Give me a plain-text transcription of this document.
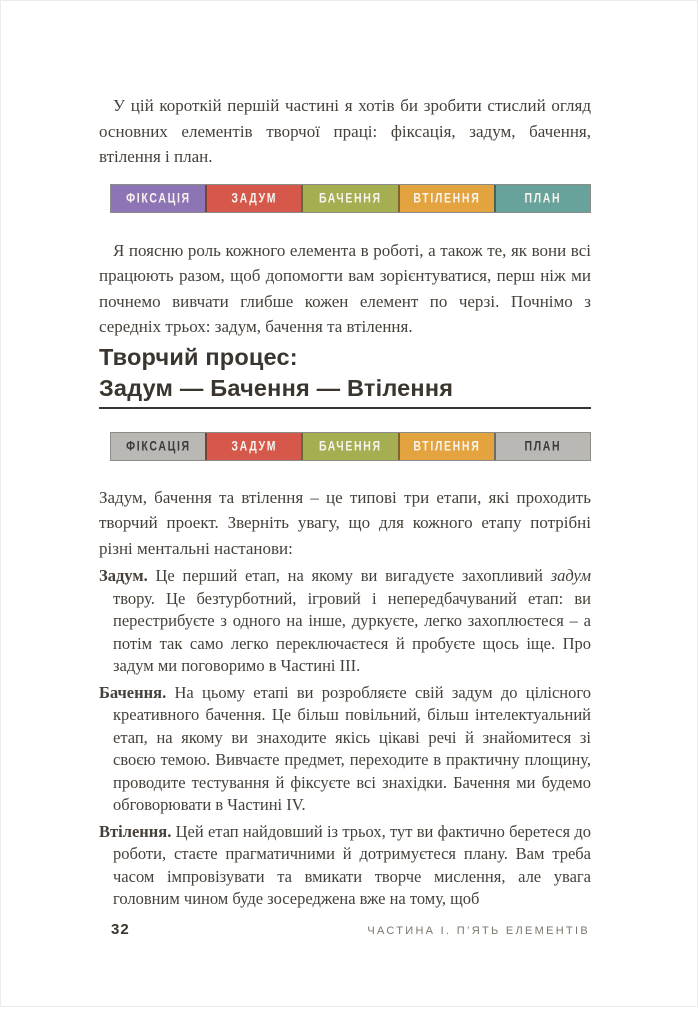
У цій короткій першій частині я хотів би зробити стислий огляд основних елементів творчої праці: фіксація, задум, бачення, втілення і план.

ФІКСАЦІЯ	ЗАДУМ	БАЧЕННЯ	ВТІЛЕННЯ	ПЛАН

Я поясню роль кожного елемента в роботі, а також те, як вони всі працюють разом, щоб допомогти вам зорієнтуватися, перш ніж ми почнемо вивчати глибше кожен елемент по черзі. Почнімо з середніх трьох: задум, бачення та втілення.

Творчий процес:
Задум — Бачення — Втілення
ФІКСАЦІЯ	ЗАДУМ	БАЧЕННЯ	ВТІЛЕННЯ	ПЛАН

Задум, бачення та втілення – це типові три етапи, які проходить творчий проект. Зверніть увагу, що для кожного етапу потрібні різні ментальні настанови:

Задум. Це перший етап, на якому ви вигадуєте захопливий задум твору. Це безтурботний, ігровий і непередбачуваний етап: ви перестрибуєте з одного на інше, дуркуєте, легко захоплюєтеся – а потім так само легко переключаєтеся й пробуєте щось іще. Про задум ми поговоримо в Частині III.

Бачення. На цьому етапі ви розробляєте свій задум до цілісного креативного бачення. Це більш повільний, більш інтелектуальний етап, на якому ви знаходите якісь цікаві речі й знайомитеся зі своєю темою. Вивчаєте предмет, переходите в практичну площину, проводите тестування й фіксуєте всі знахідки. Бачення ми будемо обговорювати в Частині IV.

Втілення. Цей етап найдовший із трьох, тут ви фактично беретеся до роботи, стаєте прагматичними й дотримуєтеся плану. Вам треба часом імпровізувати та вмикати творче мислення, але увага головним чином буде зосереджена вже на тому, щоб

32	ЧАСТИНА І. П’ЯТЬ ЕЛЕМЕНТІВ
